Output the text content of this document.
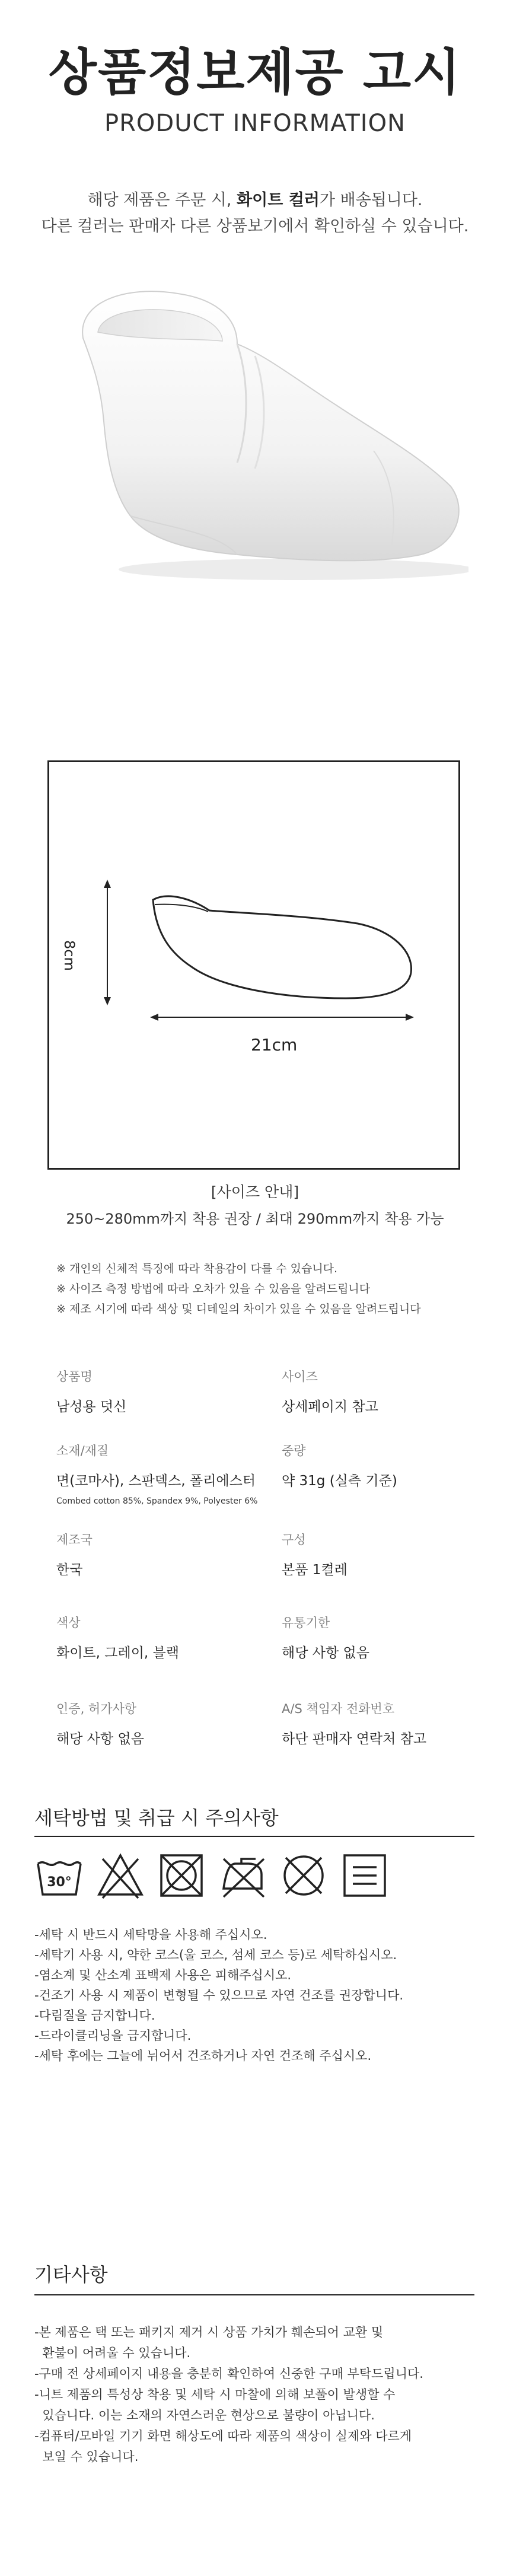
상품정보제공 고시
PRODUCT INFORMATION
해당 제품은 주문 시, 화이트 컬러가 배송됩니다.
다른 컬러는 판매자 다른 상품보기에서 확인하실 수 있습니다.
8cm
21cm
[사이즈 안내]
250~280mm까지 착용 권장 / 최대 290mm까지 착용 가능
※ 개인의 신체적 특징에 따라 착용감이 다를 수 있습니다.
※ 사이즈 측정 방법에 따라 오차가 있을 수 있음을 알려드립니다
※ 제조 시기에 따라 색상 및 디테일의 차이가 있을 수 있음을 알려드립니다
상품명
남성용 덧신
사이즈
상세페이지 참고
소재/재질
면(코마사), 스판덱스, 폴리에스터
Combed cotton 85%, Spandex 9%, Polyester 6%
중량
약 31g (실측 기준)
제조국
한국
구성
본품 1켤레
색상
화이트, 그레이, 블랙
유통기한
해당 사항 없음
인증, 허가사항
해당 사항 없음
A/S 책임자 전화번호
하단 판매자 연락처 참고
세탁방법 및 취급 시 주의사항
30°
-세탁 시 반드시 세탁망을 사용해 주십시오.
-세탁기 사용 시, 약한 코스(울 코스, 섬세 코스 등)로 세탁하십시오.
-염소계 및 산소계 표백제 사용은 피해주십시오.
-건조기 사용 시 제품이 변형될 수 있으므로 자연 건조를 권장합니다.
-다림질을 금지합니다.
-드라이클리닝을 금지합니다.
-세탁 후에는 그늘에 뉘어서 건조하거나 자연 건조해 주십시오.
기타사항
-본 제품은 택 또는 패키지 제거 시 상품 가치가 훼손되어 교환 및
환불이 어려울 수 있습니다.
-구매 전 상세페이지 내용을 충분히 확인하여 신중한 구매 부탁드립니다.
-니트 제품의 특성상 착용 및 세탁 시 마찰에 의해 보풀이 발생할 수
있습니다. 이는 소재의 자연스러운 현상으로 불량이 아닙니다.
-컴퓨터/모바일 기기 화면 해상도에 따라 제품의 색상이 실제와 다르게
보일 수 있습니다.
